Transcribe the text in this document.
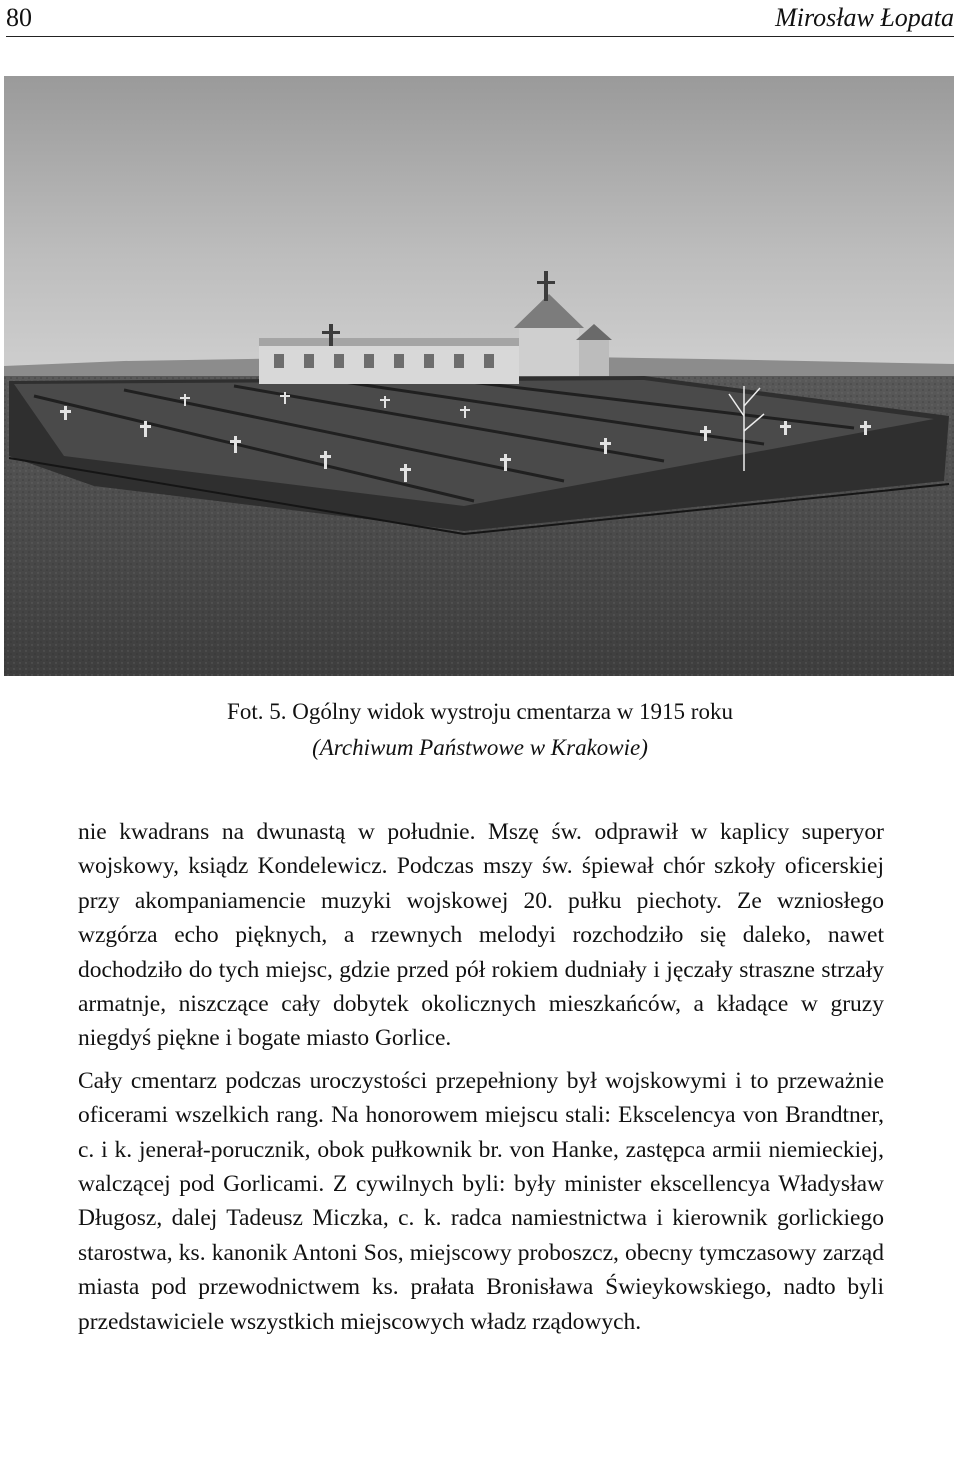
80	Mirosław Łopata
Fot. 5. Ogólny widok wystroju cmentarza w 1915 roku
(Archiwum Państwowe w Krakowie)

nie kwadrans na dwunastą w południe. Mszę św. odprawił w kaplicy superyor wojskowy, ksiądz Kondelewicz. Podczas mszy św. śpiewał chór szkoły oficerskiej przy akompaniamencie muzyki wojskowej 20. pułku piechoty. Ze wzniosłego wzgórza echo pięknych, a rzewnych melodyi rozchodziło się daleko, nawet dochodziło do tych miejsc, gdzie przed pół rokiem dudniały i jęczały straszne strzały armatnje, niszczące cały dobytek okolicznych mieszkańców, a kładące w gruzy niegdyś piękne i bogate miasto Gorlice.

Cały cmentarz podczas uroczystości przepełniony był wojskowymi i to przeważnie oficerami wszelkich rang. Na honorowem miejscu stali: Ekscelencya von Brandtner, c. i k. jenerał-porucznik, obok pułkownik br. von Hanke, zastępca armii niemieckiej, walczącej pod Gorlicami. Z cywilnych byli: były minister ekscellencya Władysław Długosz, dalej Tadeusz Miczka, c. k. radca namiestnictwa i kierownik gorlickiego starostwa, ks. kanonik Antoni Sos, miejscowy proboszcz, obecny tymczasowy zarząd miasta pod przewodnictwem ks. prałata Bronisława Świeykowskiego, nadto byli przedstawiciele wszystkich miejscowych władz rządowych.
